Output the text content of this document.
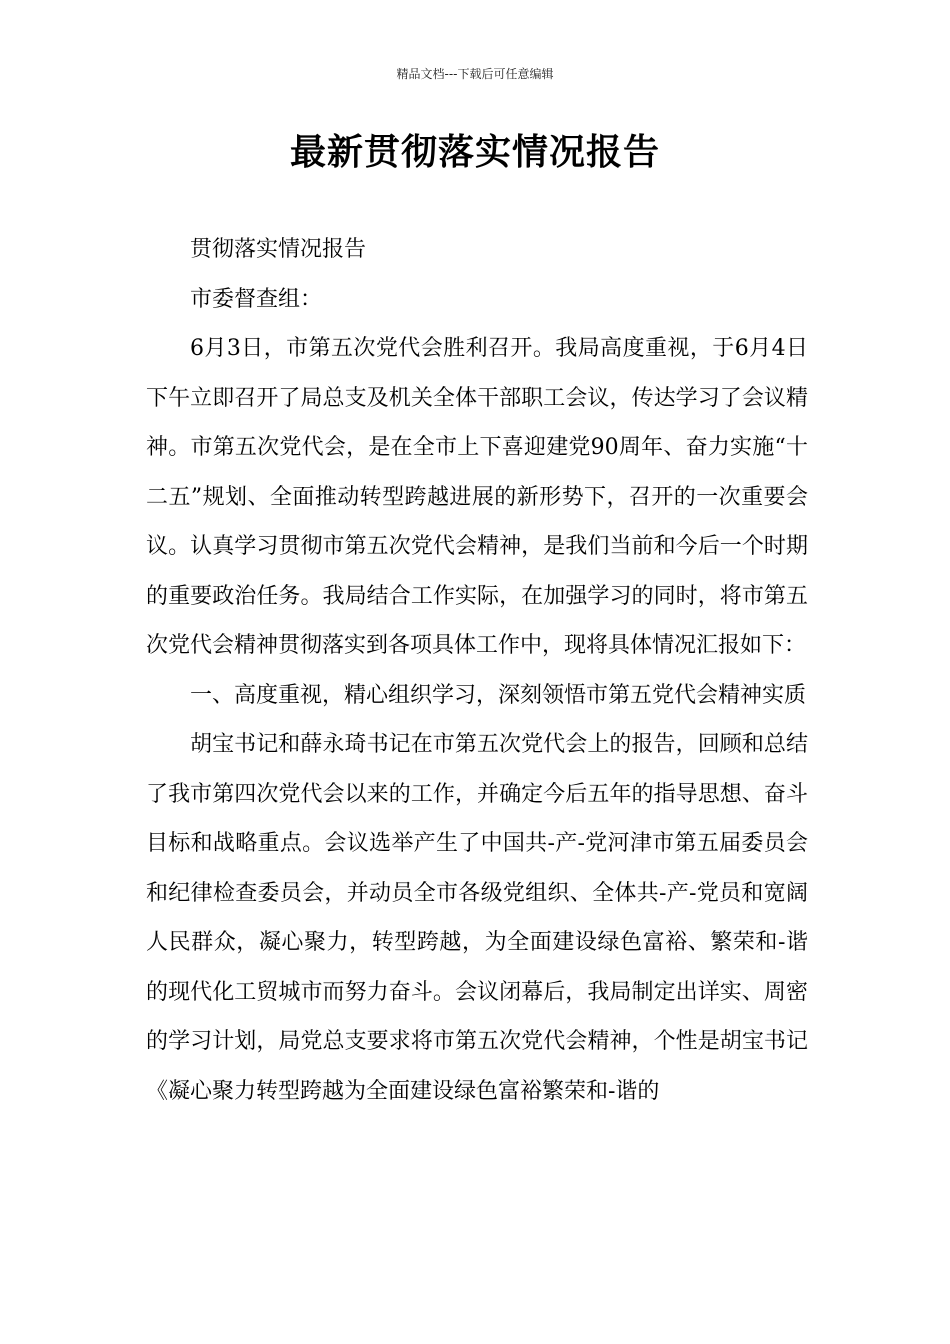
精品文档---下载后可任意编辑
最新贯彻落实情况报告

贯彻落实情况报告

市委督查组：

6月3日，市第五次党代会胜利召开。我局高度重视，于6月4日下午立即召开了局总支及机关全体干部职工会议，传达学习了会议精神。市第五次党代会，是在全市上下喜迎建党90周年、奋力实施“十二五”规划、全面推动转型跨越进展的新形势下，召开的一次重要会议。认真学习贯彻市第五次党代会精神，是我们当前和今后一个时期的重要政治任务。我局结合工作实际，在加强学习的同时，将市第五次党代会精神贯彻落实到各项具体工作中，现将具体情况汇报如下：

一、高度重视，精心组织学习，深刻领悟市第五党代会精神实质

胡宝书记和薛永琦书记在市第五次党代会上的报告，回顾和总结了我市第四次党代会以来的工作，并确定今后五年的指导思想、奋斗目标和战略重点。会议选举产生了中国共-产-党河津市第五届委员会和纪律检查委员会，并动员全市各级党组织、全体共-产-党员和宽阔人民群众，凝心聚力，转型跨越，为全面建设绿色富裕、繁荣和-谐的现代化工贸城市而努力奋斗。会议闭幕后，我局制定出详实、周密的学习计划，局党总支要求将市第五次党代会精神，个性是胡宝书记《凝心聚力转型跨越为全面建设绿色富裕繁荣和-谐的
